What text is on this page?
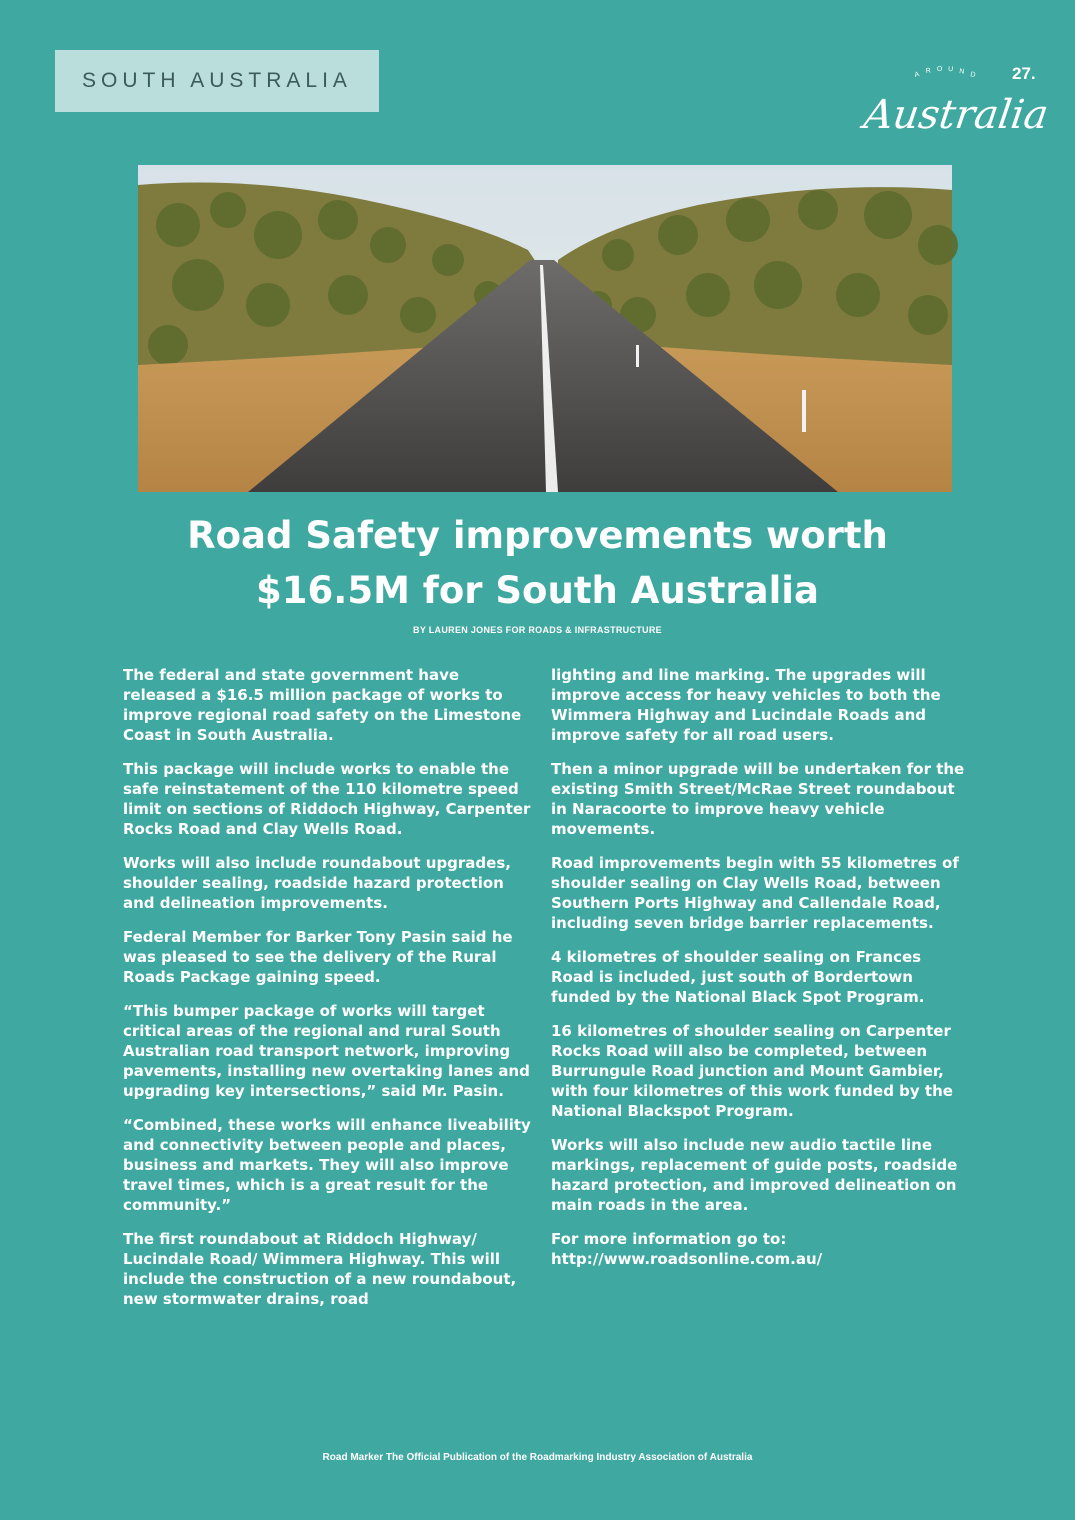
SOUTH AUSTRALIA	27.
A R O U N D
Australia
Road Safety improvements worth
$16.5M for South Australia
BY LAUREN JONES FOR ROADS & INFRASTRUCTURE

The federal and state government have released a $16.5 million package of works to improve regional road safety on the Limestone Coast in South Australia.

This package will include works to enable the safe reinstatement of the 110 kilometre speed limit on sections of Riddoch Highway, Carpenter Rocks Road and Clay Wells Road.

Works will also include roundabout upgrades, shoulder sealing, roadside hazard protection and delineation improvements.

Federal Member for Barker Tony Pasin said he was pleased to see the delivery of the Rural Roads Package gaining speed.

“This bumper package of works will target critical areas of the regional and rural South Australian road transport network, improving pavements, installing new overtaking lanes and upgrading key intersections,” said Mr. Pasin.

“Combined, these works will enhance liveability and connectivity between people and places, business and markets. They will also improve travel times, which is a great result for the community.”

The first roundabout at Riddoch Highway/ Lucindale Road/ Wimmera Highway. This will include the construction of a new roundabout, new stormwater drains, road

lighting and line marking. The upgrades will improve access for heavy vehicles to both the Wimmera Highway and Lucindale Roads and improve safety for all road users.

Then a minor upgrade will be undertaken for the existing Smith Street/McRae Street roundabout in Naracoorte to improve heavy vehicle movements.

Road improvements begin with 55 kilometres of shoulder sealing on Clay Wells Road, between Southern Ports Highway and Callendale Road, including seven bridge barrier replacements.

4 kilometres of shoulder sealing on Frances Road is included, just south of Bordertown funded by the National Black Spot Program.

16 kilometres of shoulder sealing on Carpenter Rocks Road will also be completed, between Burrungule Road junction and Mount Gambier, with four kilometres of this work funded by the National Blackspot Program.

Works will also include new audio tactile line markings, replacement of guide posts, roadside hazard protection, and improved delineation on main roads in the area.

For more information go to: http://www.roadsonline.com.au/

Road Marker The Official Publication of the Roadmarking Industry Association of Australia
